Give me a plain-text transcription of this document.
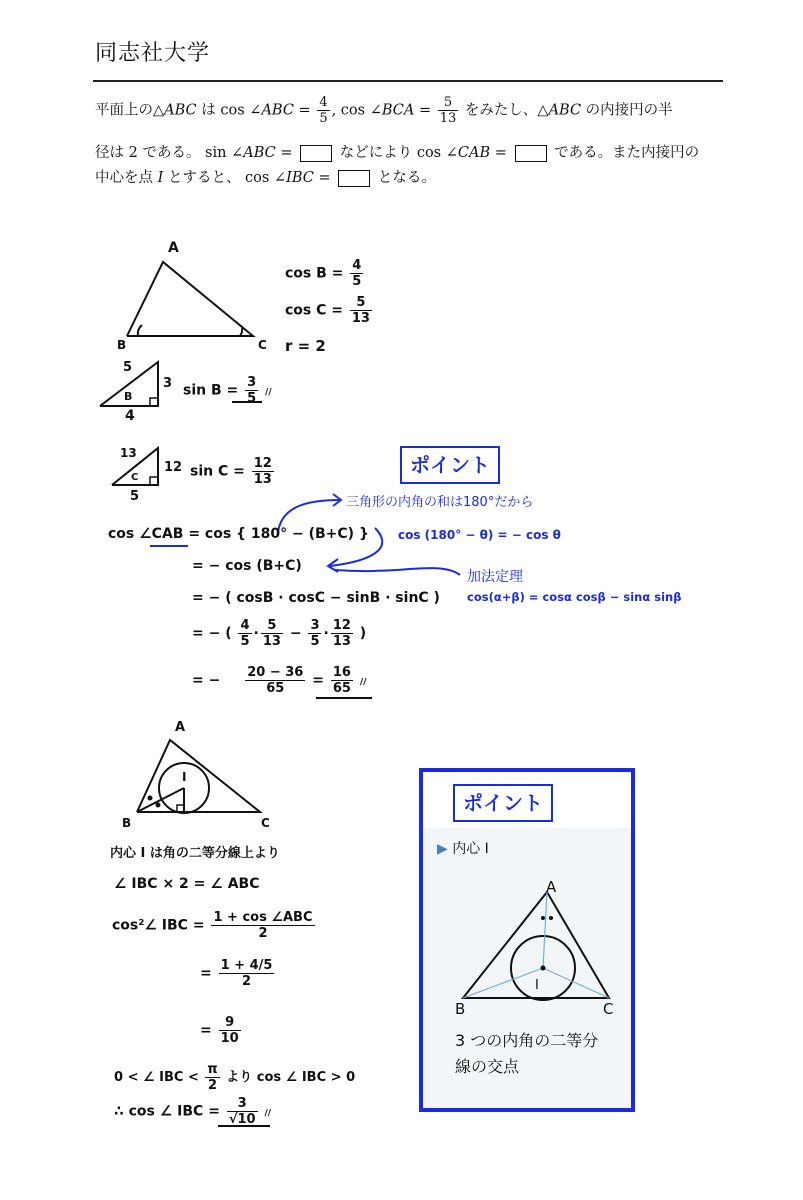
同志社大学
平面上の△ABC は cos ∠ABC = $\frac{4}{5}$ , cos ∠BCA = $\frac{5}{13}$ をみたし、△ABC の内接円の半
径は 2 である。 sin ∠ABC =	などにより cos ∠CAB =	である。また内接円の
中心を点 I とすると、 cos ∠IBC =	となる。
A
B	C
$\cos B = \frac{4}{5}$
$\cos C = \frac{5}{13}$
r = 2
5
3
4
B	$\sin B = \frac{3}{5}$ //
13
12
5
C	$\sin C = \frac{12}{13}$	ポイント
cos ∠CAB = cos { 180° − (B+C) }
三角形の内角の和は180°だから
cos (180° − θ) = − cos θ
= − cos (B+C)
加法定理
= − ( cosB · cosC − sinB · sinC ) cos(α+β) = cosα cosβ − sinα sinβ
= − ( $\frac{4}{5} \cdot \frac{5}{13} - \frac{3}{5} \cdot \frac{12}{13}$ )
= − $\frac{20 - 36}{65} = \frac{16}{65}$ //
A
B	C
I
内心 I は角の二等分線上より
∠ IBC × 2 = ∠ ABC
cos²∠ IBC = $\frac{\text{1 + cos ∠ABC}}{2}$
= $\frac{1 + 4/5}{2}$
= $\frac{9}{10}$
0 < ∠ IBC < $\frac{\pi}{2}$ より cos ∠ IBC > 0
∴ cos ∠ IBC = $\frac{3}{√10}$ //
ポイント
▶ 内心 I
A
B	C
I
3 つの内角の二等分
線の交点
